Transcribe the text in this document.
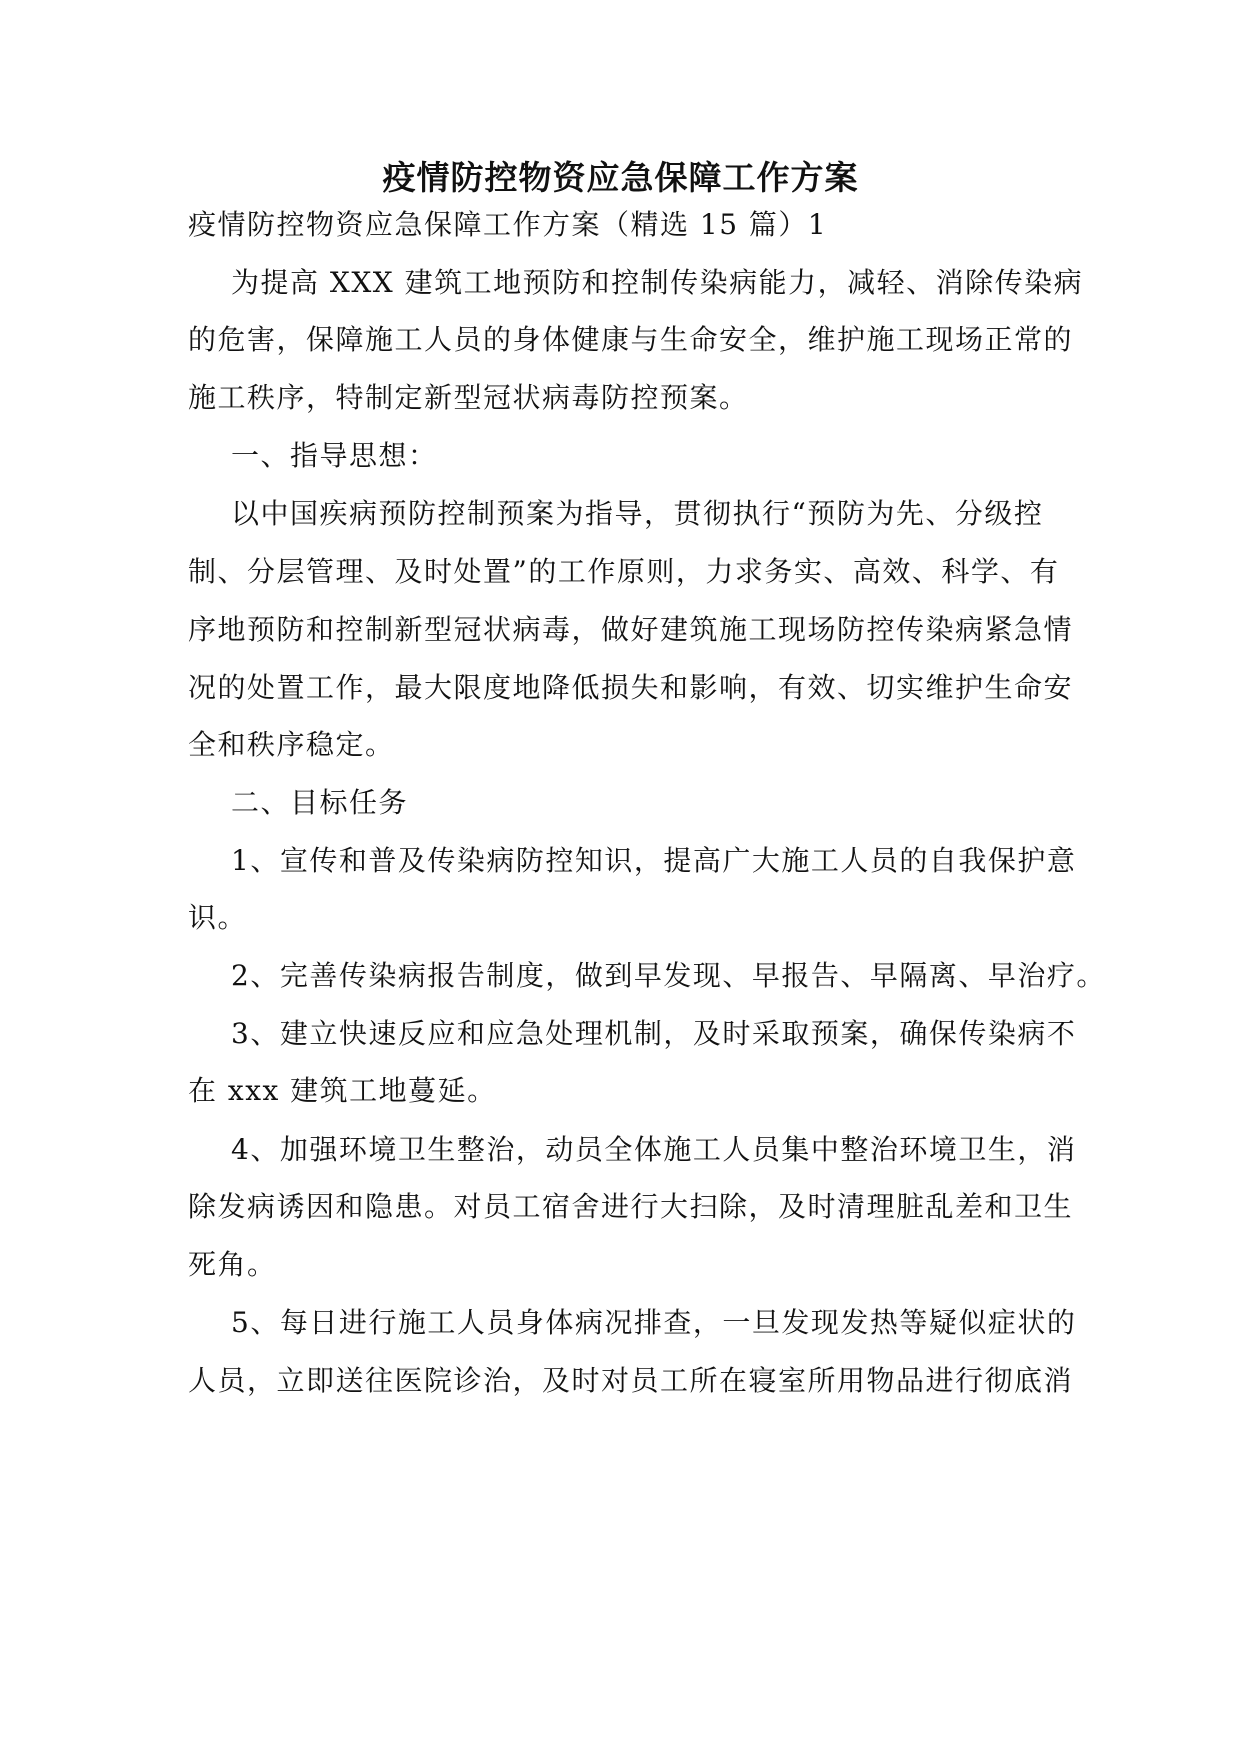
疫情防控物资应急保障工作方案
疫情防控物资应急保障工作方案（精选 15 篇）1
为提高 XXX 建筑工地预防和控制传染病能力，减轻、消除传染病
的危害，保障施工人员的身体健康与生命安全，维护施工现场正常的
施工秩序，特制定新型冠状病毒防控预案。
一、指导思想：
以中国疾病预防控制预案为指导，贯彻执行“预防为先、分级控
制、分层管理、及时处置”的工作原则，力求务实、高效、科学、有
序地预防和控制新型冠状病毒，做好建筑施工现场防控传染病紧急情
况的处置工作，最大限度地降低损失和影响，有效、切实维护生命安
全和秩序稳定。
二、目标任务
1、宣传和普及传染病防控知识，提高广大施工人员的自我保护意
识。
2、完善传染病报告制度，做到早发现、早报告、早隔离、早治疗。
3、建立快速反应和应急处理机制，及时采取预案，确保传染病不
在 xxx 建筑工地蔓延。
4、加强环境卫生整治，动员全体施工人员集中整治环境卫生，消
除发病诱因和隐患。对员工宿舍进行大扫除，及时清理脏乱差和卫生
死角。
5、每日进行施工人员身体病况排查，一旦发现发热等疑似症状的
人员，立即送往医院诊治，及时对员工所在寝室所用物品进行彻底消
